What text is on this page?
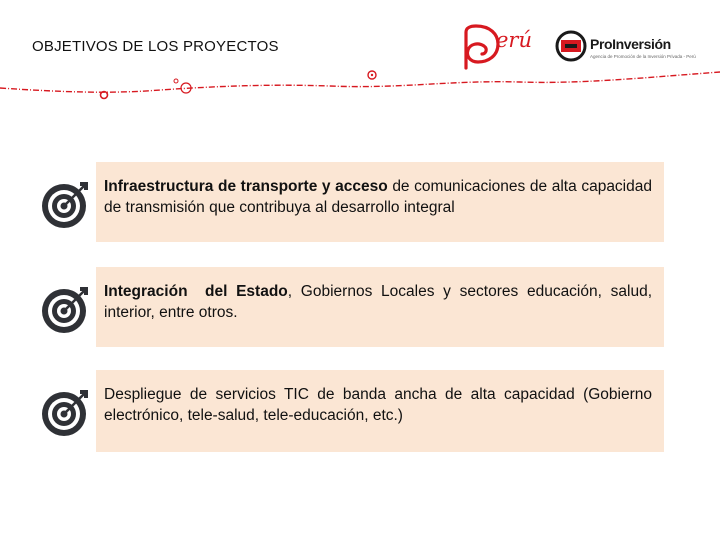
OBJETIVOS DE LOS PROYECTOS	erú	ProInversión
Agencia de Promoción de la Inversión Privada - Perú
Infraestructura de transporte y acceso de comunicaciones de alta capacidad de transmisión que contribuya al desarrollo integral
Integración  del Estado, Gobiernos Locales y sectores educación, salud, interior, entre otros.
Despliegue de servicios TIC de banda ancha de alta capacidad (Gobierno electrónico, tele-salud, tele-educación, etc.)
